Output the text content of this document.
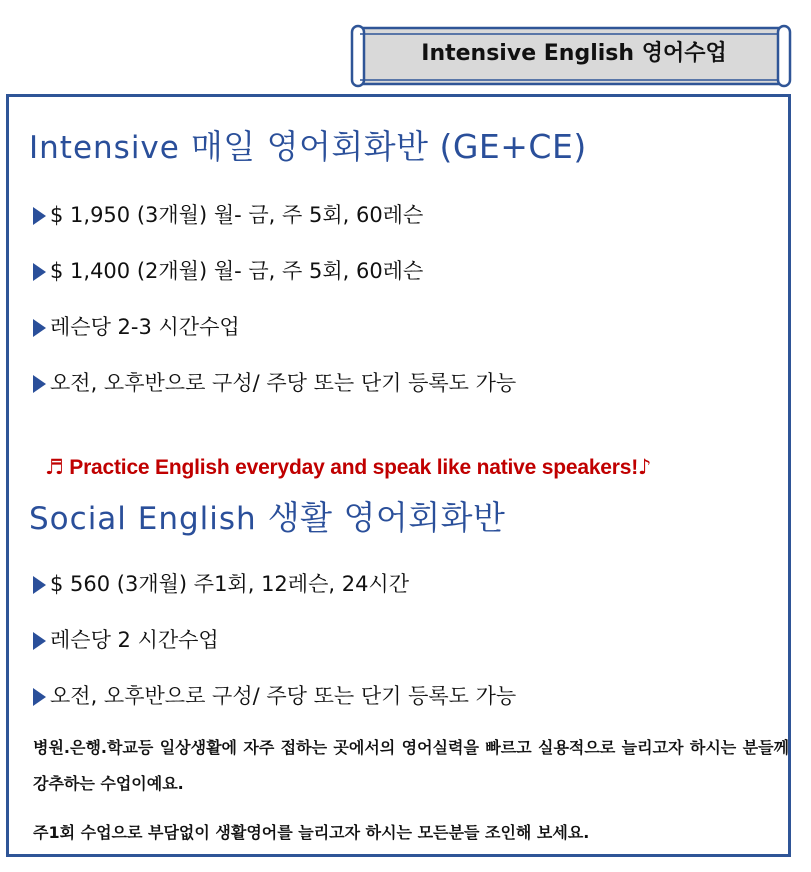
Intensive English 영어수업
Intensive 매일 영어회화반 (GE+CE)
$ 1,950 (3개월) 월- 금, 주 5회, 60레슨
$ 1,400 (2개월) 월- 금, 주 5회, 60레슨
레슨당 2-3 시간수업
오전, 오후반으로 구성/ 주당 또는 단기 등록도 가능
♬ Practice English everyday and speak like native speakers!♪
Social English 생활 영어회화반
$ 560 (3개월) 주1회, 12레슨, 24시간
레슨당 2 시간수업
오전, 오후반으로 구성/ 주당 또는 단기 등록도 가능
병원.은행.학교등 일상생활에 자주 접하는 곳에서의 영어실력을 빠르고 실용적으로 늘리고자 하시는 분들께 강추하는 수업이예요.
주1회 수업으로 부담없이 생활영어를 늘리고자 하시는 모든분들 조인해 보세요.
